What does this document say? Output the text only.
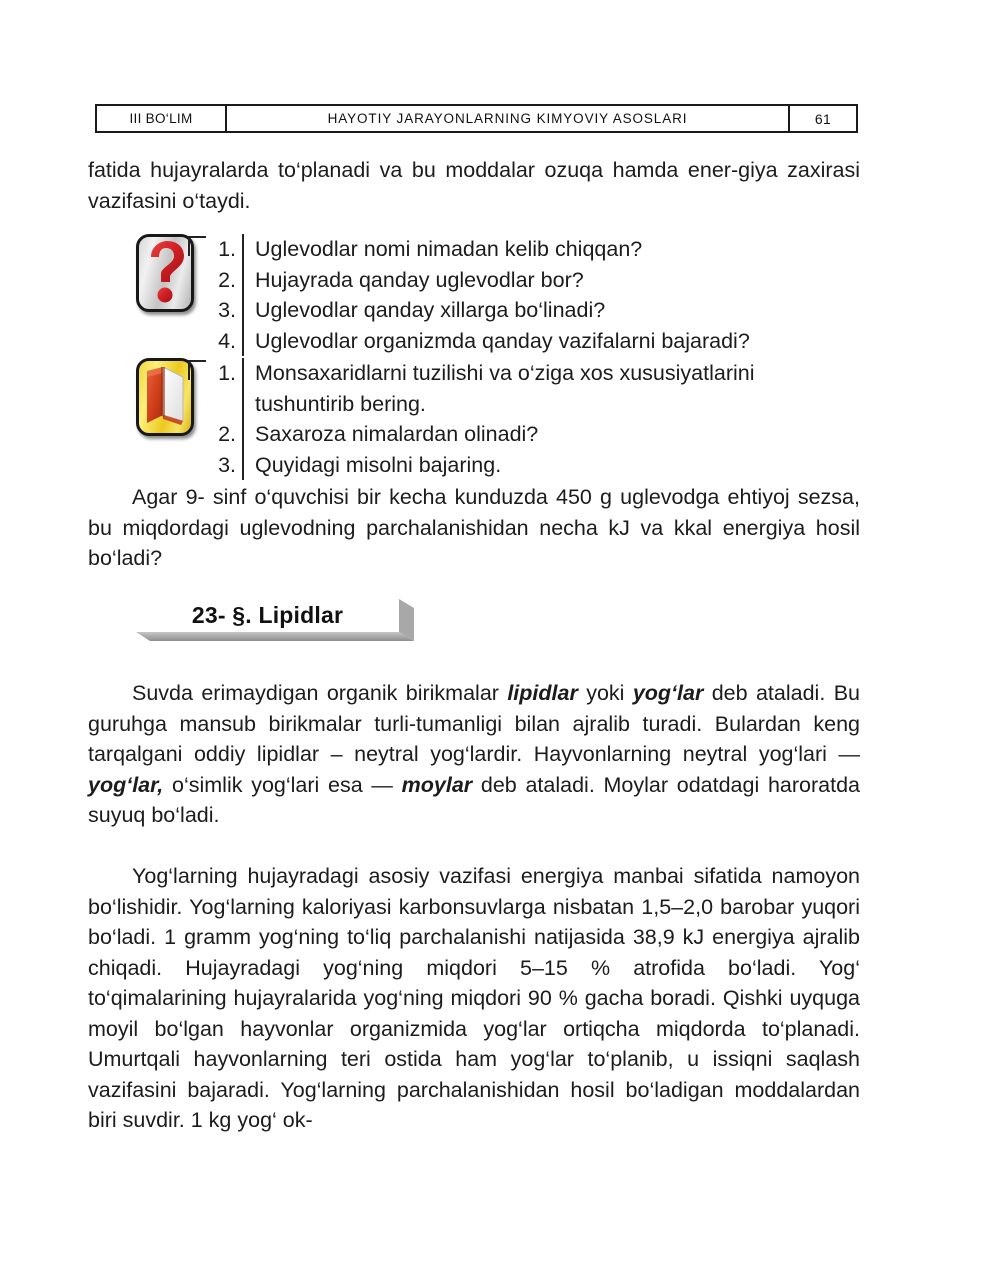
III BO‘LIM	HAYOTIY JARAYONLARNING KIMYOVIY ASOSLARI	61

fatida hujayralarda to‘planadi va bu moddalar ozuqa hamda ener-giya zaxirasi vazifasini o‘taydi.

1.
2.
3.
4.
Uglevodlar nomi nimadan kelib chiqqan?
Hujayrada qanday uglevodlar bor?
Uglevodlar qanday xillarga bo‘linadi?
Uglevodlar organizmda qanday vazifalarni bajaradi?
1.
2.
3.
Monsaxaridlarni tuzilishi va o‘ziga xos xususiyatlarini
tushuntirib bering.
Saxaroza nimalardan olinadi?
Quyidagi misolni bajaring.

Agar 9- sinf o‘quvchisi bir kecha kunduzda 450 g uglevodga ehtiyoj sezsa, bu miqdordagi uglevodning parchalanishidan necha kJ va kkal energiya hosil bo‘ladi?

23- §. Lipidlar

Suvda erimaydigan organik birikmalar lipidlar yoki yog‘lar deb ataladi. Bu guruhga mansub birikmalar turli-tumanligi bilan ajralib turadi. Bulardan keng tarqalgani oddiy lipidlar – neytral yog‘lardir. Hayvonlarning neytral yog‘lari — yog‘lar, o‘simlik yog‘lari esa — moylar deb ataladi. Moylar odatdagi haroratda suyuq bo‘ladi.

Yog‘larning hujayradagi asosiy vazifasi energiya manbai sifatida namoyon bo‘lishidir. Yog‘larning kaloriyasi karbonsuvlarga nisbatan 1,5–2,0 barobar yuqori bo‘ladi. 1 gramm yog‘ning to‘liq parchalanishi natijasida 38,9 kJ energiya ajralib chiqadi. Hujayradagi yog‘ning miqdori 5–15 % atrofida bo‘ladi. Yog‘ to‘qimalarining hujayralarida yog‘ning miqdori 90 % gacha boradi. Qishki uyquga moyil bo‘lgan hayvonlar organizmida yog‘lar ortiqcha miqdorda to‘planadi. Umurtqali hayvonlarning teri ostida ham yog‘lar to‘planib, u issiqni saqlash vazifasini bajaradi. Yog‘larning parchalanishidan hosil bo‘ladigan moddalardan biri suvdir. 1 kg yog‘ ok-
